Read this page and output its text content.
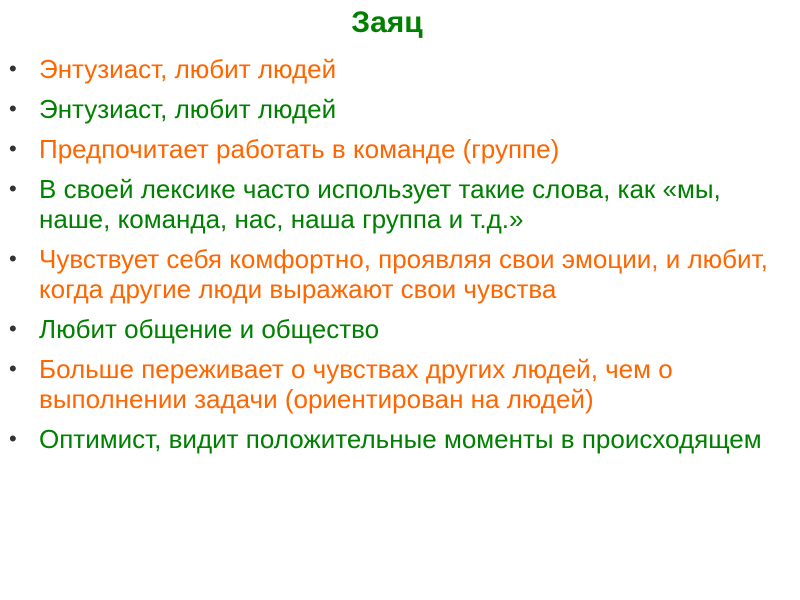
Заяц
• Энтузиаст, любит людей
• Энтузиаст, любит людей
• Предпочитает работать в команде (группе)
• В своей лексике часто использует такие слова, как «мы, наше, команда, нас, наша группа и т.д.»
• Чувствует себя комфортно, проявляя свои эмоции, и любит, когда другие люди выражают свои чувства
• Любит общение и общество
• Больше переживает о чувствах других людей, чем о выполнении задачи (ориентирован на людей)
• Оптимист, видит положительные моменты в происходящем
